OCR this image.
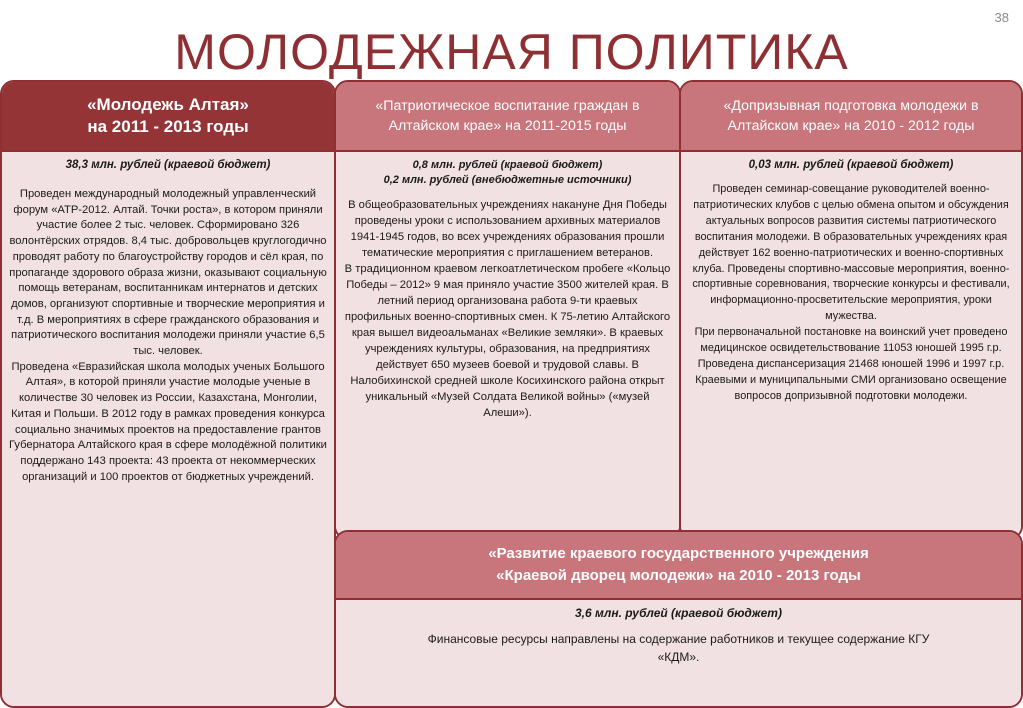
38
МОЛОДЕЖНАЯ ПОЛИТИКА
«Молодежь Алтая»
на 2011 - 2013 годы
38,3 млн. рублей (краевой бюджет)
Проведен международный молодежный управленческий форум «АТР-2012. Алтай. Точки роста», в котором приняли участие более 2 тыс. человек. Сформировано 326 волонтёрских отрядов. 8,4 тыс. добровольцев круглогодично проводят работу по благоустройству городов и сёл края, по пропаганде здорового образа жизни, оказывают социальную помощь ветеранам, воспитанникам интернатов и детских домов, организуют спортивные и творческие мероприятия и т.д. В мероприятиях в сфере гражданского образования и патриотического воспитания молодежи приняли участие 6,5 тыс. человек.
Проведена «Евразийская школа молодых ученых Большого Алтая», в которой приняли участие молодые ученые в количестве 30 человек из России, Казахстана, Монголии, Китая и Польши. В 2012 году в рамках проведения конкурса социально значимых проектов на предоставление грантов Губернатора Алтайского края в сфере молодёжной политики поддержано 143 проекта: 43 проекта от некоммерческих организаций и 100 проектов от бюджетных учреждений.
«Патриотическое воспитание граждан в
Алтайском крае» на 2011-2015 годы
0,8 млн. рублей (краевой бюджет)
0,2 млн. рублей (внебюджетные источники)
В общеобразовательных учреждениях накануне Дня Победы проведены уроки с использованием архивных материалов 1941-1945 годов, во всех учреждениях образования прошли тематические мероприятия с приглашением ветеранов.
В традиционном краевом легкоатлетическом пробеге «Кольцо Победы – 2012» 9 мая приняло участие 3500 жителей края. В летний период организована работа 9-ти краевых профильных военно-спортивных смен. К 75-летию Алтайского края вышел видеоальманах «Великие земляки». В краевых учреждениях культуры, образования, на предприятиях действует 650 музеев боевой и трудовой славы. В Налобихинской средней школе Косихинского района открыт уникальный «Музей Солдата Великой войны» («музей Алеши»).
«Допризывная подготовка молодежи в
Алтайском крае» на 2010 - 2012 годы
0,03 млн. рублей (краевой бюджет)
Проведен семинар-совещание руководителей военно-патриотических клубов с целью обмена опытом и обсуждения актуальных вопросов развития системы патриотического воспитания молодежи. В образовательных учреждениях края действует 162 военно-патриотических и военно-спортивных клуба. Проведены спортивно-массовые мероприятия, военно-спортивные соревнования, творческие конкурсы и фестивали, информационно-просветительские мероприятия, уроки мужества.
При первоначальной постановке на воинский учет проведено медицинское освидетельствование 11053 юношей 1995 г.р. Проведена диспансеризация 21468 юношей 1996 и 1997 г.р.
Краевыми и муниципальными СМИ организовано освещение вопросов допризывной подготовки молодежи.
«Развитие краевого государственного учреждения
«Краевой дворец молодежи» на 2010 - 2013 годы
3,6 млн. рублей (краевой бюджет)
Финансовые ресурсы направлены на содержание работников и текущее содержание КГУ «КДМ».
